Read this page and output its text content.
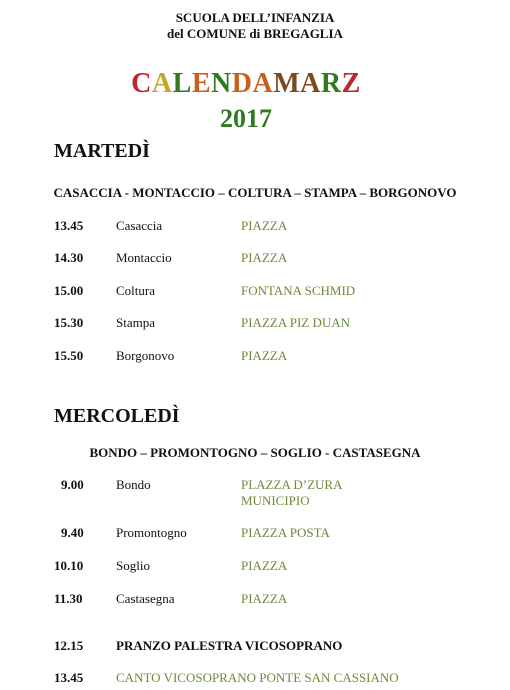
SCUOLA DELL’INFANZIA
del COMUNE di BREGAGLIA
CALENDAMARZ
2017
MARTEDÌ
CASACCIA - MONTACCIO – COLTURA – STAMPA – BORGONOVO
13.45	Casaccia	PIAZZA
14.30	Montaccio	PIAZZA
15.00	Coltura	FONTANA SCHMID
15.30	Stampa	PIAZZA PIZ DUAN
15.50	Borgonovo	PIAZZA
MERCOLEDÌ
BONDO – PROMONTOGNO – SOGLIO - CASTASEGNA
9.00 Bondo	PLAZZA D’ZURA
MUNICIPIO
9.40 Promontogno	PIAZZA POSTA
10.10	Soglio	PIAZZA
11.30	Castasegna	PIAZZA
12.15	PRANZO PALESTRA VICOSOPRANO
13.45	CANTO VICOSOPRANO PONTE SAN CASSIANO
